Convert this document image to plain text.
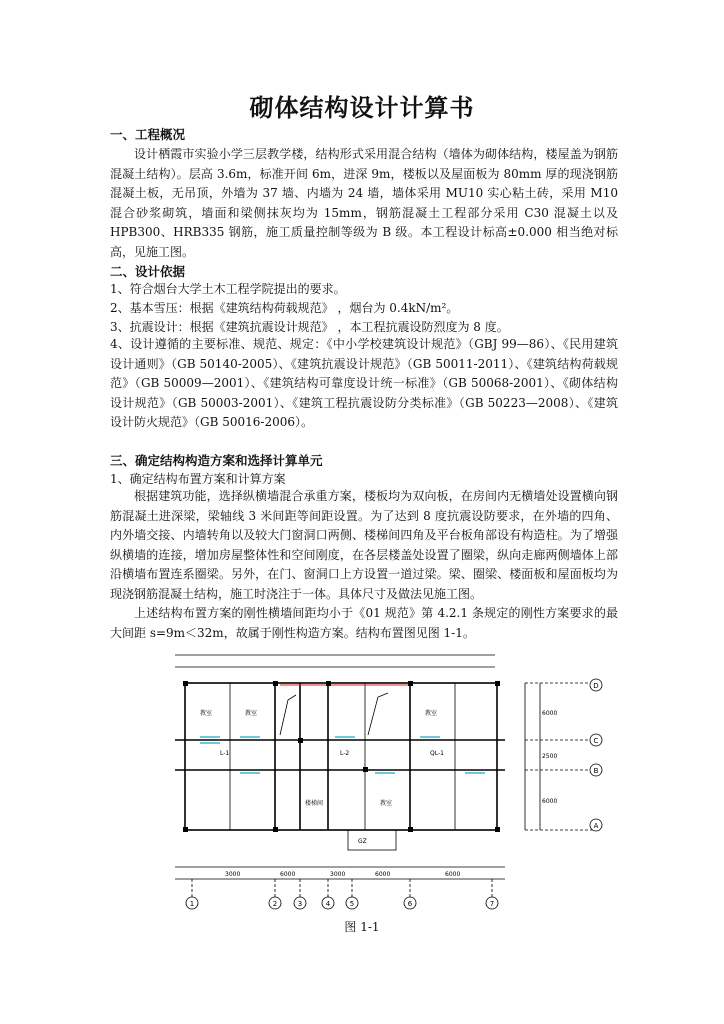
砌体结构设计计算书
一、工程概况
设计栖霞市实验小学三层教学楼，结构形式采用混合结构（墙体为砌体结构，楼屋盖为钢筋混凝土结构）。层高 3.6m，标准开间 6m，进深 9m，楼板以及屋面板为 80mm 厚的现浇钢筋混凝土板，无吊顶，外墙为 37 墙、内墙为 24 墙，墙体采用 MU10 实心粘土砖，采用 M10 混合砂浆砌筑，墙面和梁侧抹灰均为 15mm，钢筋混凝土工程部分采用 C30 混凝土以及 HPB300、HRB335 钢筋，施工质量控制等级为 B 级。本工程设计标高±0.000 相当绝对标高，见施工图。
二、设计依据
1、符合烟台大学土木工程学院提出的要求。
2、基本雪压：根据《建筑结构荷载规范》 ，烟台为 0.4kN/m²。
3、抗震设计：根据《建筑抗震设计规范》 ，本工程抗震设防烈度为 8 度。
4、设计遵循的主要标准、规范、规定：《中小学校建筑设计规范》（GBJ 99—86）、《民用建筑设计通则》（GB 50140-2005）、《建筑抗震设计规范》（GB 50011-2011）、《建筑结构荷载规范》（GB 50009—2001）、《建筑结构可靠度设计统一标准》（GB 50068-2001）、《砌体结构设计规范》（GB 50003-2001）、《建筑工程抗震设防分类标准》（GB 50223—2008）、《建筑设计防火规范》（GB 50016-2006）。
三、确定结构构造方案和选择计算单元
1、确定结构布置方案和计算方案
根据建筑功能，选择纵横墙混合承重方案，楼板均为双向板，在房间内无横墙处设置横向钢筋混凝土进深梁，梁轴线 3 米间距等间距设置。为了达到 8 度抗震设防要求，在外墙的四角、内外墙交接、内墙转角以及较大门窗洞口两侧、楼梯间四角及平台板角部设有构造柱。为了增强纵横墙的连接，增加房屋整体性和空间刚度，在各层楼盖处设置了圈梁，纵向走廊两侧墙体上部沿横墙布置连系圈梁。另外，在门、窗洞口上方设置一道过梁。梁、圈梁、楼面板和屋面板均为现浇钢筋混凝土结构，施工时浇注于一体。具体尺寸及做法见施工图。
上述结构布置方案的刚性横墙间距均小于《01 规范》第 4.2.1 条规定的刚性方案要求的最大间距 s=9m＜32m，故属于刚性构造方案。结构布置图见图 1-1。
教室	教室
楼梯间	教室
教室
L-1	L-2	QL-1
GZ
3000	6000	3000	6000	6000
6000
2500
6000
1	2	3	4	5	6	7
D
C
B
A
图 1-1
